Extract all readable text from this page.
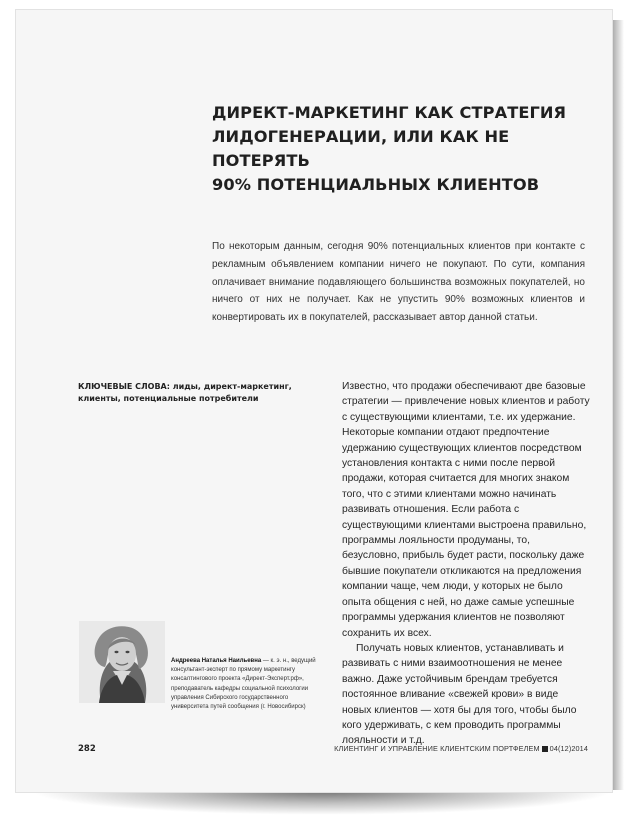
ДИРЕКТ-МАРКЕТИНГ КАК СТРАТЕГИЯ
ЛИДОГЕНЕРАЦИИ, ИЛИ КАК НЕ ПОТЕРЯТЬ
90% ПОТЕНЦИАЛЬНЫХ КЛИЕНТОВ

По некоторым данным, сегодня 90% потенциальных клиентов при контакте с рекламным объявлением компании ничего не покупают. По сути, компания оплачивает внимание подавляющего большинства возможных покупателей, но ничего от них не получает. Как не упустить 90% возможных клиентов и конвертировать их в покупателей, рассказывает автор данной статьи.

КЛЮЧЕВЫЕ СЛОВА: лиды, директ-маркетинг, клиенты, потенциальные потребители

Известно, что продажи обеспечивают две базовые стратегии — привлечение новых клиентов и работу с существующими клиентами, т.е. их удержание. Некоторые компании отдают предпочтение удержанию существующих клиентов посредством установления контакта с ними после первой продажи, которая считается для многих знаком того, что с этими клиентами можно начинать развивать отношения. Если работа с существующими клиентами выстроена правильно, программы лояльности продуманы, то, безусловно, прибыль будет расти, поскольку даже бывшие покупатели откликаются на предложения компании чаще, чем люди, у которых не было опыта общения с ней, но даже самые успешные программы удержания клиентов не позволяют сохранить их всех.

Получать новых клиентов, устанавливать и развивать с ними взаимоотношения не менее важно. Даже устойчивым брендам требуется постоянное вливание «свежей крови» в виде новых клиентов — хотя бы для того, чтобы было кого удерживать, с кем проводить программы лояльности и т.д.

Андреева Наталья Наильевна — к. э. н., ведущий консультант-эксперт по прямому маркетингу консалтингового проекта «Директ-Эксперт.рф», преподаватель кафедры социальной психологии управления Сибирского государственного университета путей сообщения (г. Новосибирск)
282	КЛИЕНТИНГ И УПРАВЛЕНИЕ КЛИЕНТСКИМ ПОРТФЕЛЕМ 04(12)2014
